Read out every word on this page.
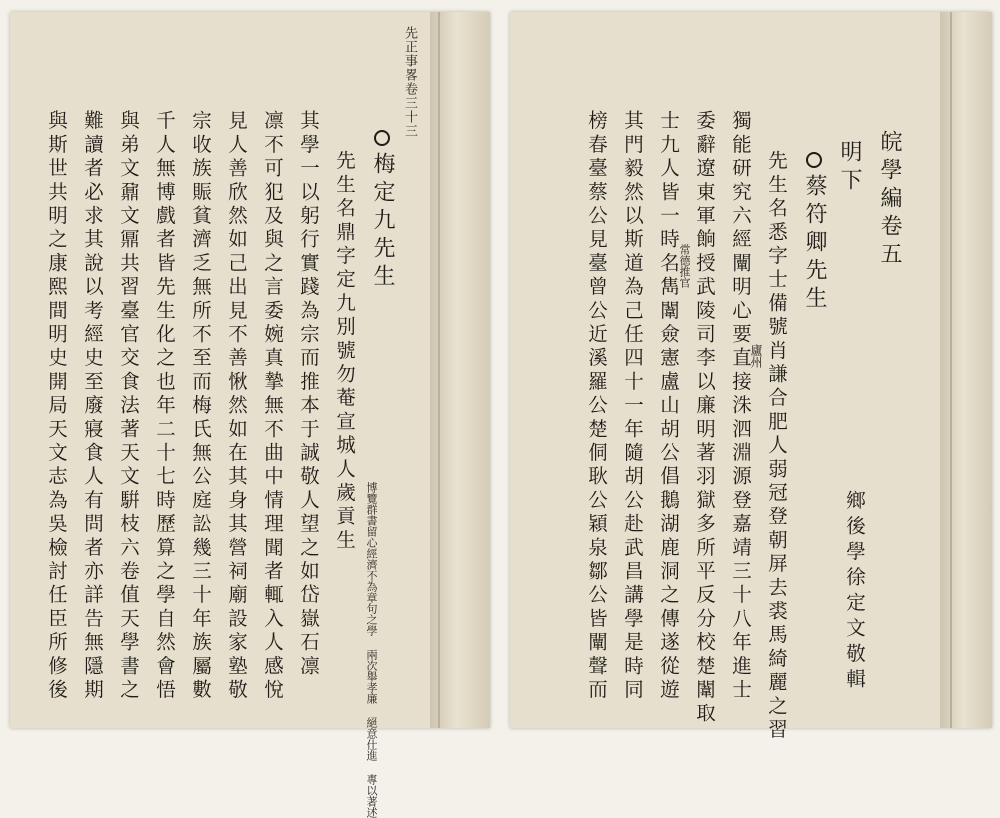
先正事畧卷三十三
梅定九先生
先生名鼎字定九別號勿菴宣城人歲貢生
其學一以躬行實踐為宗而推本于誠敬人望之如岱嶽石凛
凛不可犯及與之言委婉真摯無不曲中情理聞者輒入人感悅
見人善欣然如己出見不善愀然如在其身其營祠廟設家塾敬
宗收族賑貧濟乏無所不至而梅氏無公庭訟幾三十年族屬數
千人無博戲者皆先生化之也年二十七時歷算之學自然會悟
與弟文鼐文鼏共習臺官交食法著天文騈枝六卷值天學書之
難讀者必求其說以考經史至廢寢食人有問者亦詳告無隱期
與斯世共明之康熙間明史開局天文志為吳檢討任臣所修後	博覽群書留心經濟不為章句之學 兩次舉孝廉 絕意仕進 專以著述
皖學編卷五
明下
蔡符卿先生
先生名悉字士備號肖謙合肥人弱冠登朝屏去裘馬綺麗之習
獨能研究六經闡明心要直接洙泗淵源登嘉靖三十八年進士
委辭遼東軍餉授武陵司李以廉明著羽獄多所平反分校楚闈取
士九人皆一時名雋闈僉憲盧山胡公倡鵝湖鹿洞之傳遂從遊
其門毅然以斯道為己任四十一年隨胡公赴武昌講學是時同
榜春臺蔡公見臺曾公近溪羅公楚侗耿公穎泉鄒公皆闡聲而	廬州
常德推官
鄉後學徐定文敬輯
